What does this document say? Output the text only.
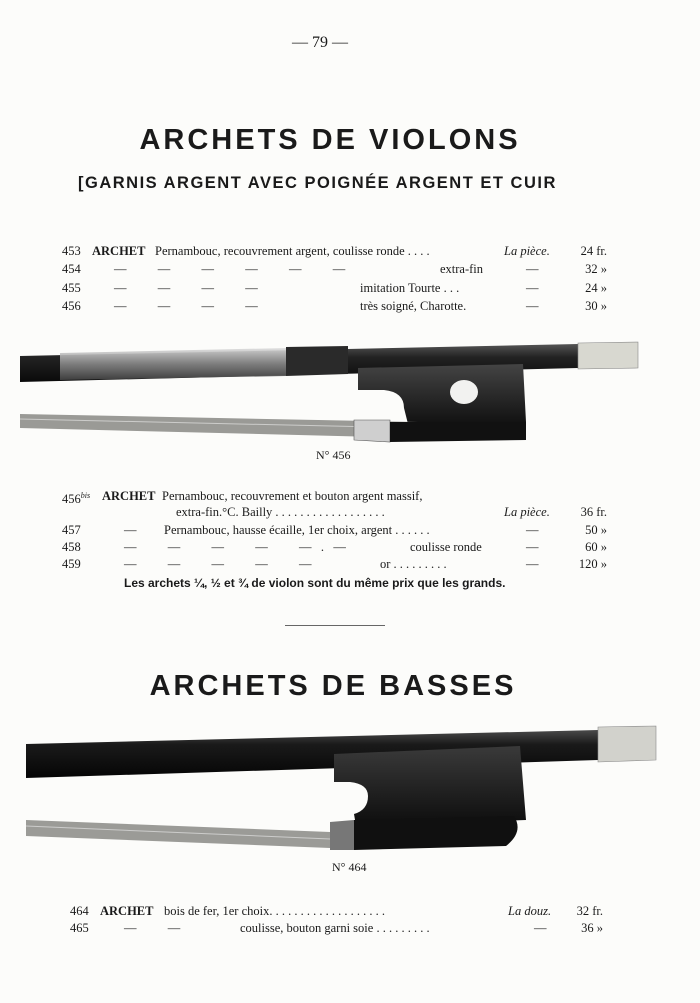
— 79 —
ARCHETS DE VIOLONS
[GARNIS ARGENT AVEC POIGNÉE ARGENT ET CUIR
453 ARCHET Pernambouc, recouvrement argent, coulisse ronde . . . .	La pièce.	24 fr.
454	—          —          —          —          —          —	extra-fin	—	32 »
455	—          —          —          —	imitation Tourte . . .	—	24 »
456	—          —          —          —	très soigné, Charotte.	—	30 »
N° 456
$456^{bis}$ ARCHET Pernambouc, recouvrement et bouton argent massif,
extra-fin.°C. Bailly . . . . . . . . . . . . . . . . . .	La pièce.	36 fr.
457	— Pernambouc, hausse écaille, 1er choix, argent . . . . . .	—	50 »
458	—          —          —          —          —   .   —	coulisse ronde	—	60 »
459	—          —          —          —          —	or . . . . . . . . .	—	120 »
Les archets ¼, ½ et ¾ de violon sont du même prix que les grands.
ARCHETS DE BASSES
N° 464
464 ARCHET bois de fer, 1er choix. . . . . . . . . . . . . . . . . . .	La douz.	32 fr.
465	—          —	coulisse, bouton garni soie . . . . . . . . .	—	36 »
